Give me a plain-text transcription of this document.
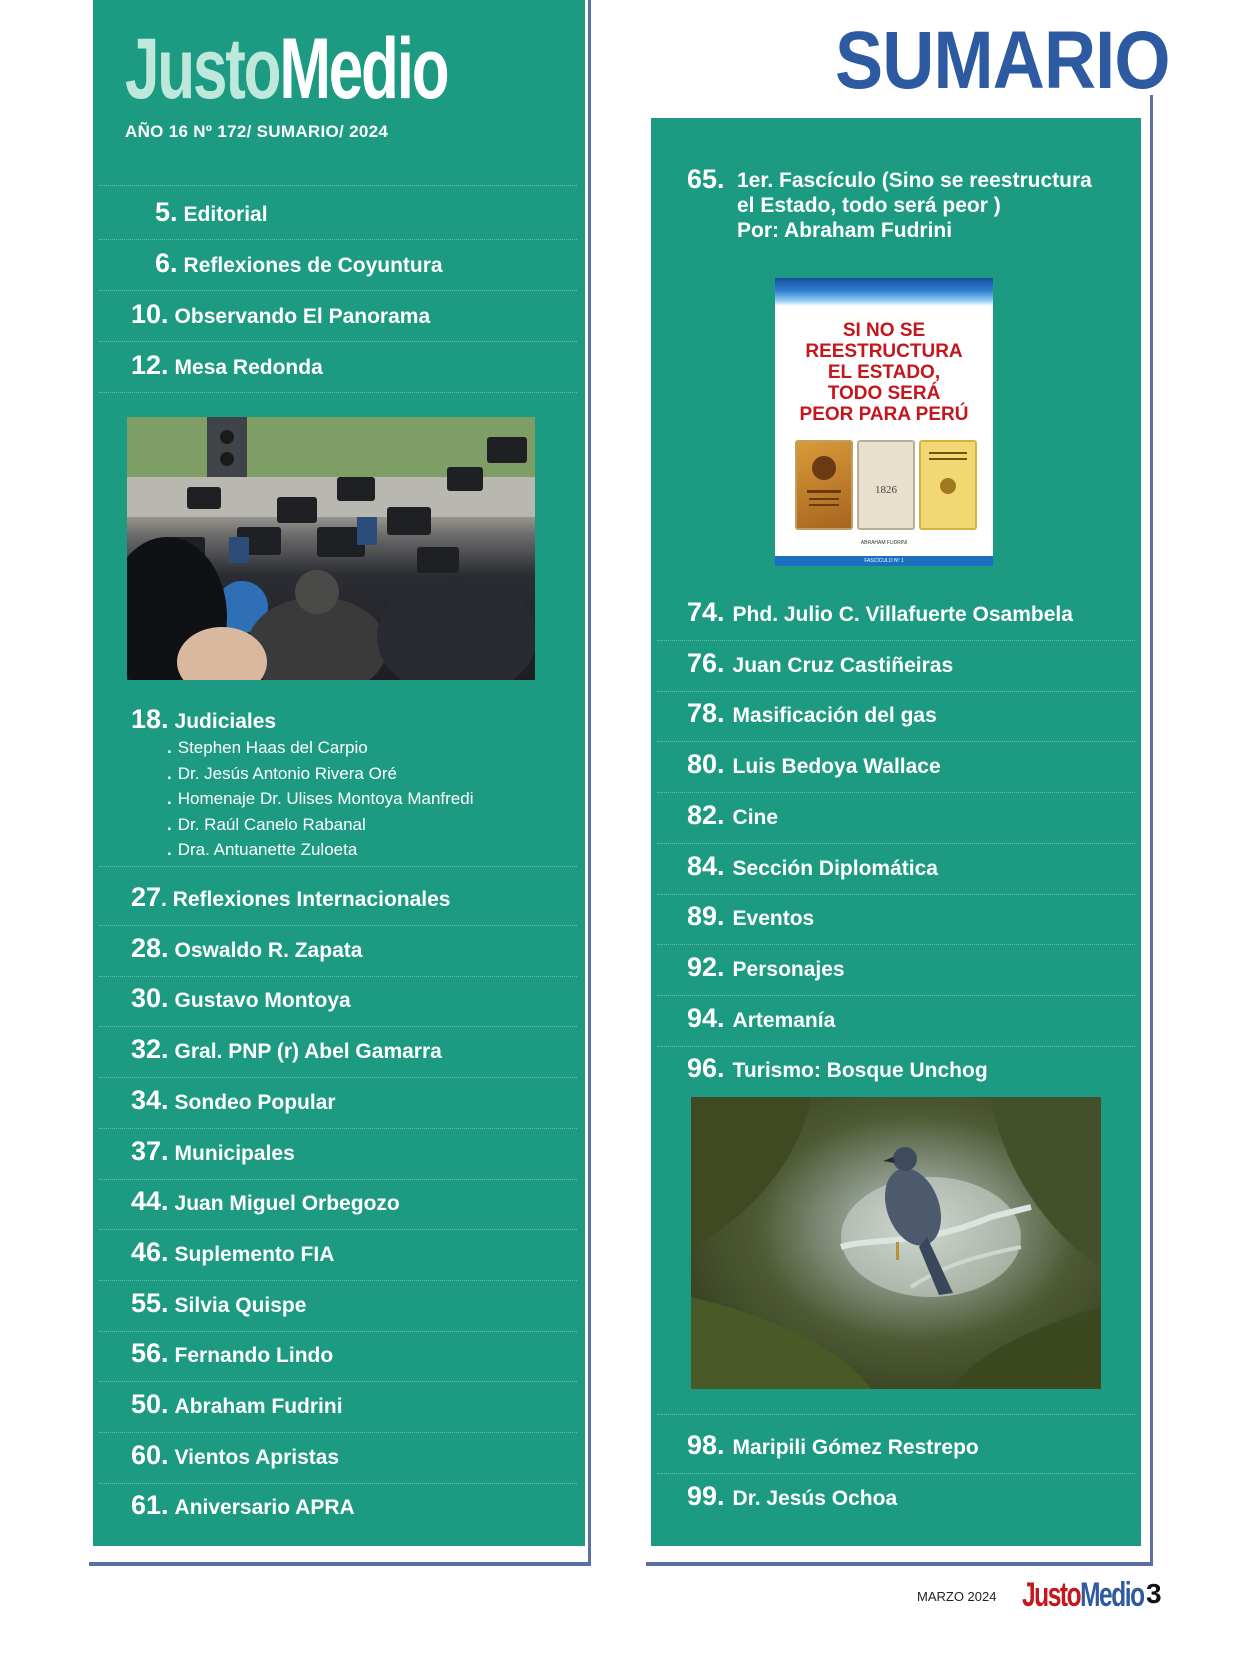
JustoMedio
AÑO 16 Nº 172/ SUMARIO/ 2024
5. Editorial
6. Reflexiones de Coyuntura
10. Observando El Panorama
12. Mesa Redonda
18. Judiciales
. Stephen Haas del Carpio
. Dr. Jesús Antonio Rivera Oré
. Homenaje Dr. Ulises Montoya Manfredi
. Dr. Raúl Canelo Rabanal
. Dra. Antuanette Zuloeta
27. Reflexiones Internacionales
28. Oswaldo R. Zapata
30. Gustavo Montoya
32. Gral. PNP (r) Abel Gamarra
34. Sondeo Popular
37. Municipales
44. Juan Miguel Orbegozo
46. Suplemento FIA
55. Silvia Quispe
56. Fernando Lindo
50. Abraham Fudrini
60. Vientos Apristas
61. Aniversario APRA
SUMARIO
65. 1er. Fascículo (Sino se reestructura
el Estado, todo será peor )
Por: Abraham Fudrini
SI NO SE
REESTRUCTURA
EL ESTADO,
TODO SERÁ
PEOR PARA PERÚ
1826
ABRAHAM FUDRINI
FASCÍCULO Nº 1
74. Phd. Julio C. Villafuerte Osambela
76. Juan Cruz Castiñeiras
78. Masificación del gas
80. Luis Bedoya Wallace
82. Cine
84. Sección Diplomática
89. Eventos
92. Personajes
94. Artemanía
96. Turismo: Bosque Unchog
98. Maripili Gómez Restrepo
99. Dr. Jesús Ochoa
MARZO 2024 JustoMedio 3
